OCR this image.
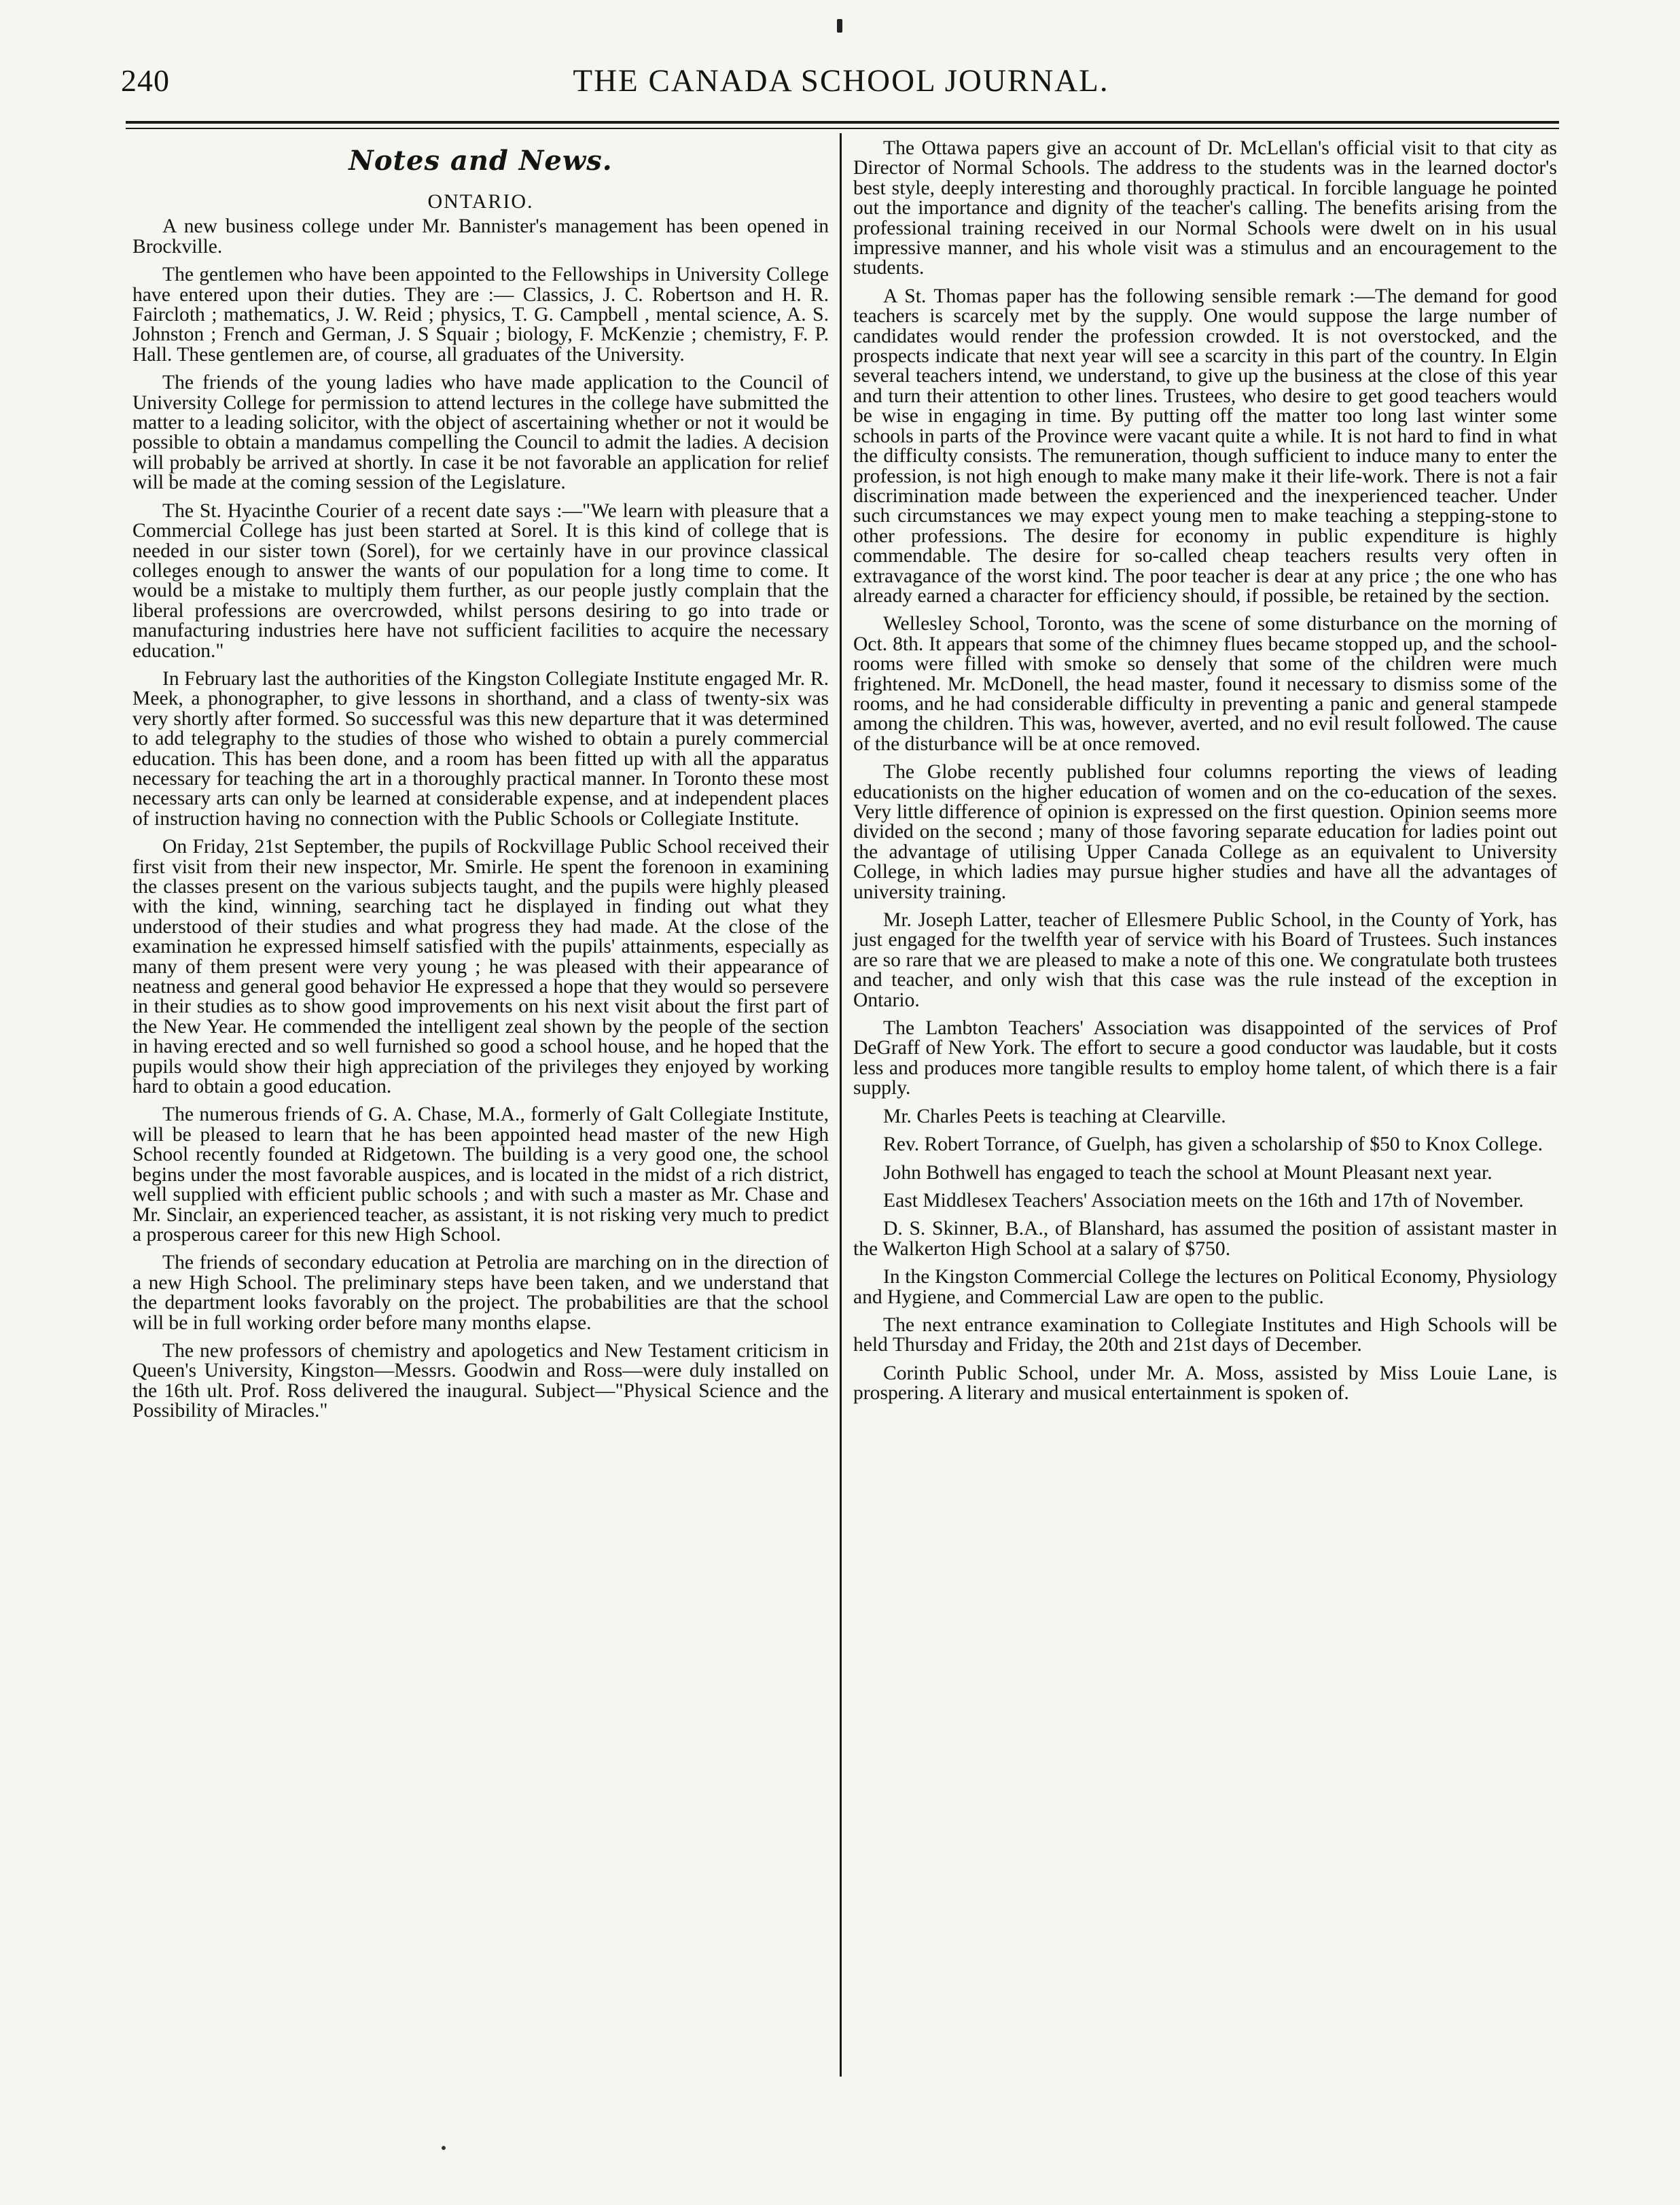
240	THE CANADA SCHOOL JOURNAL.
Notes and News.
ONTARIO.

A new business college under Mr. Bannister's management has been opened in Brockville.

The gentlemen who have been appointed to the Fellowships in University College have entered upon their duties. They are :— Classics, J. C. Robertson and H. R. Faircloth ; mathematics, J. W. Reid ; physics, T. G. Campbell , mental science, A. S. Johnston ; French and German, J. S Squair ; biology, F. McKenzie ; chemistry, F. P. Hall. These gentlemen are, of course, all graduates of the University.

The friends of the young ladies who have made application to the Council of University College for permission to attend lectures in the college have submitted the matter to a leading solicitor, with the object of ascertaining whether or not it would be possible to obtain a mandamus compelling the Council to admit the ladies. A decision will probably be arrived at shortly. In case it be not favorable an application for relief will be made at the coming session of the Legislature.

The St. Hyacinthe Courier of a recent date says :—"We learn with pleasure that a Commercial College has just been started at Sorel. It is this kind of college that is needed in our sister town (Sorel), for we certainly have in our province classical colleges enough to answer the wants of our population for a long time to come. It would be a mistake to multiply them further, as our people justly complain that the liberal professions are overcrowded, whilst persons desiring to go into trade or manufacturing industries here have not sufficient facilities to acquire the necessary education."

In February last the authorities of the Kingston Collegiate Institute engaged Mr. R. Meek, a phonographer, to give lessons in shorthand, and a class of twenty-six was very shortly after formed. So successful was this new departure that it was determined to add telegraphy to the studies of those who wished to obtain a purely commercial education. This has been done, and a room has been fitted up with all the apparatus necessary for teaching the art in a thoroughly practical manner. In Toronto these most necessary arts can only be learned at considerable expense, and at independent places of instruction having no connection with the Public Schools or Collegiate Institute.

On Friday, 21st September, the pupils of Rockvillage Public School received their first visit from their new inspector, Mr. Smirle. He spent the forenoon in examining the classes present on the various subjects taught, and the pupils were highly pleased with the kind, winning, searching tact he displayed in finding out what they understood of their studies and what progress they had made. At the close of the examination he expressed himself satisfied with the pupils' attainments, especially as many of them present were very young ; he was pleased with their appearance of neatness and general good behavior He expressed a hope that they would so persevere in their studies as to show good improvements on his next visit about the first part of the New Year. He commended the intelligent zeal shown by the people of the section in having erected and so well furnished so good a school house, and he hoped that the pupils would show their high appreciation of the privileges they enjoyed by working hard to obtain a good education.

The numerous friends of G. A. Chase, M.A., formerly of Galt Collegiate Institute, will be pleased to learn that he has been appointed head master of the new High School recently founded at Ridgetown. The building is a very good one, the school begins under the most favorable auspices, and is located in the midst of a rich district, well supplied with efficient public schools ; and with such a master as Mr. Chase and Mr. Sinclair, an experienced teacher, as assistant, it is not risking very much to predict a prosperous career for this new High School.

The friends of secondary education at Petrolia are marching on in the direction of a new High School. The preliminary steps have been taken, and we understand that the department looks favorably on the project. The probabilities are that the school will be in full working order before many months elapse.

The new professors of chemistry and apologetics and New Testament criticism in Queen's University, Kingston—Messrs. Goodwin and Ross—were duly installed on the 16th ult. Prof. Ross delivered the inaugural. Subject—"Physical Science and the Possibility of Miracles."

The Ottawa papers give an account of Dr. McLellan's official visit to that city as Director of Normal Schools. The address to the students was in the learned doctor's best style, deeply interesting and thoroughly practical. In forcible language he pointed out the importance and dignity of the teacher's calling. The benefits arising from the professional training received in our Normal Schools were dwelt on in his usual impressive manner, and his whole visit was a stimulus and an encouragement to the students.

A St. Thomas paper has the following sensible remark :—The demand for good teachers is scarcely met by the supply. One would suppose the large number of candidates would render the profession crowded. It is not overstocked, and the prospects indicate that next year will see a scarcity in this part of the country. In Elgin several teachers intend, we understand, to give up the business at the close of this year and turn their attention to other lines. Trustees, who desire to get good teachers would be wise in engaging in time. By putting off the matter too long last winter some schools in parts of the Province were vacant quite a while. It is not hard to find in what the difficulty consists. The remuneration, though sufficient to induce many to enter the profession, is not high enough to make many make it their life-work. There is not a fair discrimination made between the experienced and the inexperienced teacher. Under such circumstances we may expect young men to make teaching a stepping-stone to other professions. The desire for economy in public expenditure is highly commendable. The desire for so-called cheap teachers results very often in extravagance of the worst kind. The poor teacher is dear at any price ; the one who has already earned a character for efficiency should, if possible, be retained by the section.

Wellesley School, Toronto, was the scene of some disturbance on the morning of Oct. 8th. It appears that some of the chimney flues became stopped up, and the school-rooms were filled with smoke so densely that some of the children were much frightened. Mr. McDonell, the head master, found it necessary to dismiss some of the rooms, and he had considerable difficulty in preventing a panic and general stampede among the children. This was, however, averted, and no evil result followed. The cause of the disturbance will be at once removed.

The Globe recently published four columns reporting the views of leading educationists on the higher education of women and on the co-education of the sexes. Very little difference of opinion is expressed on the first question. Opinion seems more divided on the second ; many of those favoring separate education for ladies point out the advantage of utilising Upper Canada College as an equivalent to University College, in which ladies may pursue higher studies and have all the advantages of university training.

Mr. Joseph Latter, teacher of Ellesmere Public School, in the County of York, has just engaged for the twelfth year of service with his Board of Trustees. Such instances are so rare that we are pleased to make a note of this one. We congratulate both trustees and teacher, and only wish that this case was the rule instead of the exception in Ontario.

The Lambton Teachers' Association was disappointed of the services of Prof DeGraff of New York. The effort to secure a good conductor was laudable, but it costs less and produces more tangible results to employ home talent, of which there is a fair supply.

Mr. Charles Peets is teaching at Clearville.

Rev. Robert Torrance, of Guelph, has given a scholarship of $50 to Knox College.

John Bothwell has engaged to teach the school at Mount Pleasant next year.

East Middlesex Teachers' Association meets on the 16th and 17th of November.

D. S. Skinner, B.A., of Blanshard, has assumed the position of assistant master in the Walkerton High School at a salary of $750.

In the Kingston Commercial College the lectures on Political Economy, Physiology and Hygiene, and Commercial Law are open to the public.

The next entrance examination to Collegiate Institutes and High Schools will be held Thursday and Friday, the 20th and 21st days of December.

Corinth Public School, under Mr. A. Moss, assisted by Miss Louie Lane, is prospering. A literary and musical entertainment is spoken of.
